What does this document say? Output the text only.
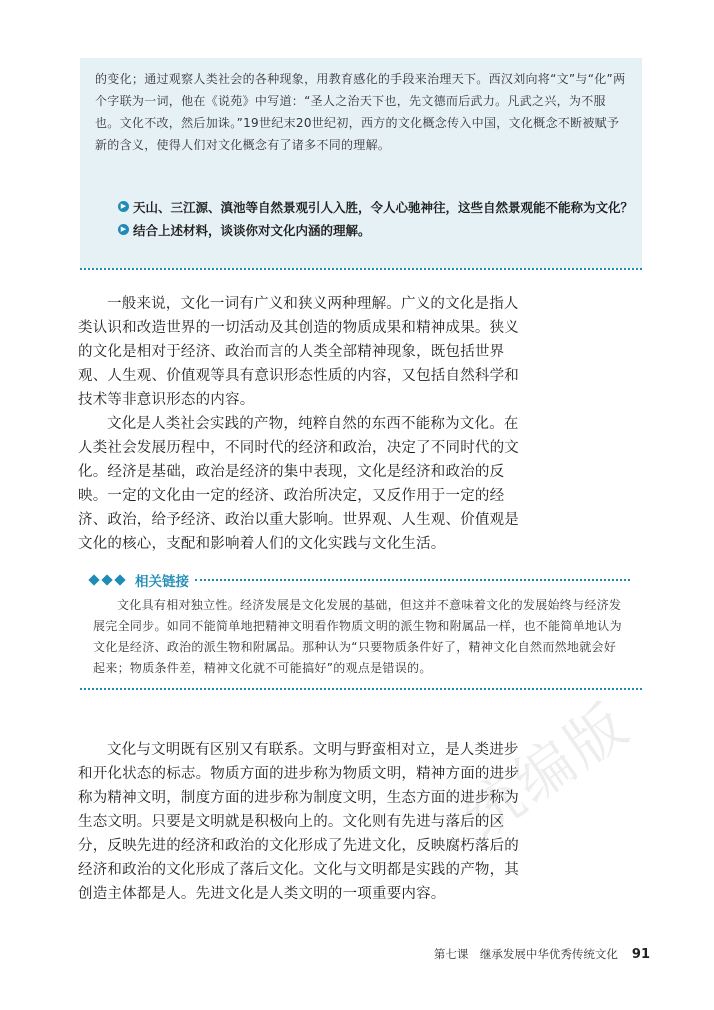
的变化；通过观察人类社会的各种现象，用教育感化的手段来治理天下。西汉刘向将“文”与“化”两个字联为一词，他在《说苑》中写道：“圣人之治天下也，先文德而后武力。凡武之兴，为不服也。文化不改，然后加诛。”19世纪末20世纪初，西方的文化概念传入中国，文化概念不断被赋予新的含义，使得人们对文化概念有了诸多不同的理解。

▶ 天山、三江源、滇池等自然景观引人入胜，令人心驰神往，这些自然景观能不能称为文化？
▶ 结合上述材料，谈谈你对文化内涵的理解。

一般来说，文化一词有广义和狭义两种理解。广义的文化是指人类认识和改造世界的一切活动及其创造的物质成果和精神成果。狭义的文化是相对于经济、政治而言的人类全部精神现象，既包括世界观、人生观、价值观等具有意识形态性质的内容，又包括自然科学和技术等非意识形态的内容。

文化是人类社会实践的产物，纯粹自然的东西不能称为文化。在人类社会发展历程中，不同时代的经济和政治，决定了不同时代的文化。经济是基础，政治是经济的集中表现，文化是经济和政治的反映。一定的文化由一定的经济、政治所决定，又反作用于一定的经济、政治，给予经济、政治以重大影响。世界观、人生观、价值观是文化的核心，支配和影响着人们的文化实践与文化生活。

相关链接

文化具有相对独立性。经济发展是文化发展的基础，但这并不意味着文化的发展始终与经济发展完全同步。如同不能简单地把精神文明看作物质文明的派生物和附属品一样，也不能简单地认为文化是经济、政治的派生物和附属品。那种认为“只要物质条件好了，精神文化自然而然地就会好起来；物质条件差，精神文化就不可能搞好”的观点是错误的。

统编版

文化与文明既有区别又有联系。文明与野蛮相对立，是人类进步和开化状态的标志。物质方面的进步称为物质文明，精神方面的进步称为精神文明，制度方面的进步称为制度文明，生态方面的进步称为生态文明。只要是文明就是积极向上的。文化则有先进与落后的区分，反映先进的经济和政治的文化形成了先进文化，反映腐朽落后的经济和政治的文化形成了落后文化。文化与文明都是实践的产物，其创造主体都是人。先进文化是人类文明的一项重要内容。

第七课　继承发展中华优秀传统文化 91
